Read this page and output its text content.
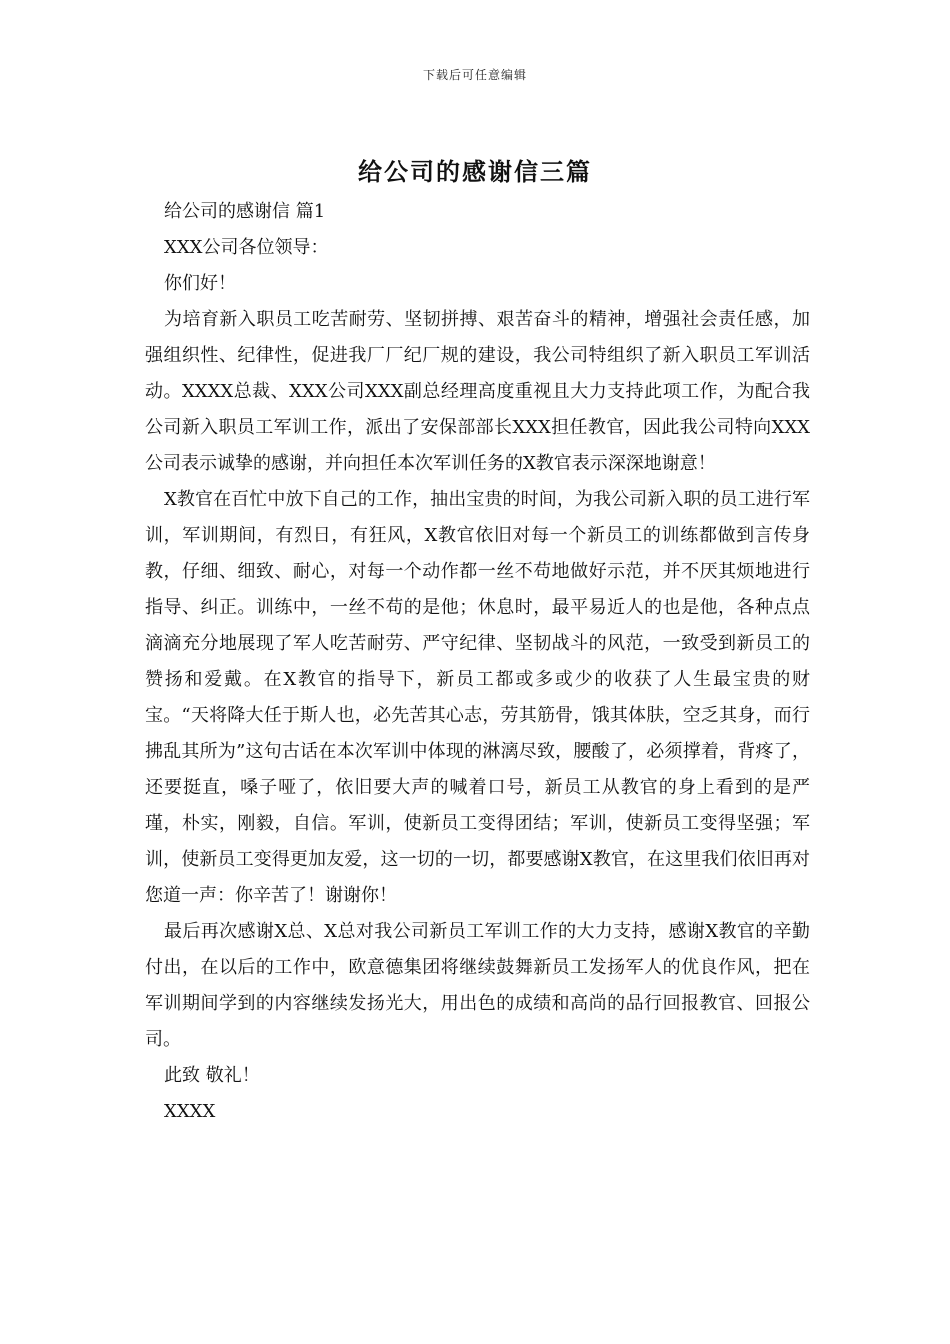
下载后可任意编辑
给公司的感谢信三篇

给公司的感谢信 篇1

XXX公司各位领导：

你们好！

为培育新入职员工吃苦耐劳、坚韧拼搏、艰苦奋斗的精神，增强社会责任感，加强组织性、纪律性，促进我厂厂纪厂规的建设，我公司特组织了新入职员工军训活动。XXXX总裁、XXX公司XXX副总经理高度重视且大力支持此项工作，为配合我公司新入职员工军训工作，派出了安保部部长XXX担任教官，因此我公司特向XXX公司表示诚挚的感谢，并向担任本次军训任务的X教官表示深深地谢意！

X教官在百忙中放下自己的工作，抽出宝贵的时间，为我公司新入职的员工进行军训，军训期间，有烈日，有狂风，X教官依旧对每一个新员工的训练都做到言传身教，仔细、细致、耐心，对每一个动作都一丝不苟地做好示范，并不厌其烦地进行指导、纠正。训练中，一丝不苟的是他；休息时，最平易近人的也是他，各种点点滴滴充分地展现了军人吃苦耐劳、严守纪律、坚韧战斗的风范，一致受到新员工的赞扬和爱戴。在X教官的指导下，新员工都或多或少的收获了人生最宝贵的财宝。“天将降大任于斯人也，必先苦其心志，劳其筋骨，饿其体肤，空乏其身，而行拂乱其所为”这句古话在本次军训中体现的淋漓尽致，腰酸了，必须撑着，背疼了，还要挺直，嗓子哑了，依旧要大声的喊着口号，新员工从教官的身上看到的是严瑾，朴实，刚毅，自信。军训，使新员工变得团结；军训，使新员工变得坚强；军训，使新员工变得更加友爱，这一切的一切，都要感谢X教官，在这里我们依旧再对您道一声：你辛苦了！谢谢你！

最后再次感谢X总、X总对我公司新员工军训工作的大力支持，感谢X教官的辛勤付出，在以后的工作中，欧意德集团将继续鼓舞新员工发扬军人的优良作风，把在军训期间学到的内容继续发扬光大，用出色的成绩和高尚的品行回报教官、回报公司。

此致 敬礼！

XXXX
